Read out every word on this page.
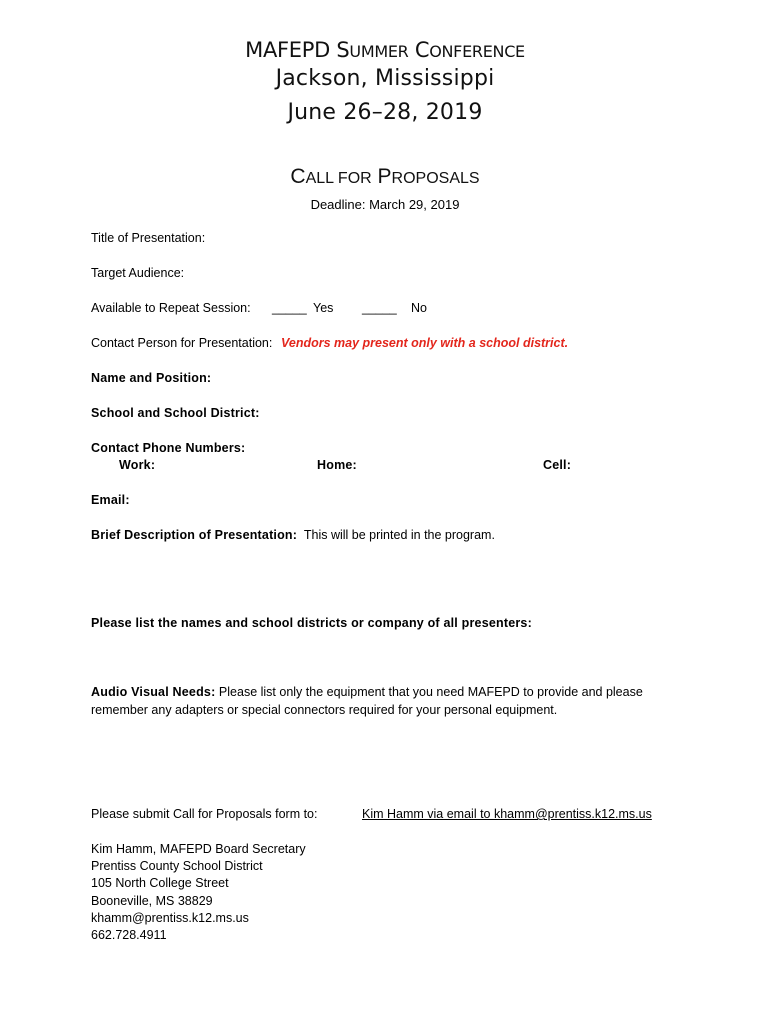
MAFEPD SUMMER CONFERENCE
Jackson, Mississippi
June 26–28, 2019
CALL FOR PROPOSALS
Deadline: March 29, 2019
Title of Presentation:
Target Audience:
Available to Repeat Session: _____ Yes _____ No
Contact Person for Presentation: Vendors may present only with a school district.
Name and Position:
School and School District:
Contact Phone Numbers:
Work:	Home:	Cell:
Email:
Brief Description of Presentation: This will be printed in the program.
Please list the names and school districts or company of all presenters:
Audio Visual Needs: Please list only the equipment that you need MAFEPD to provide and please
remember any adapters or special connectors required for your personal equipment.
Please submit Call for Proposals form to:	Kim Hamm via email to khamm@prentiss.k12.ms.us
Kim Hamm, MAFEPD Board Secretary
Prentiss County School District
105 North College Street
Booneville, MS 38829
khamm@prentiss.k12.ms.us
662.728.4911
